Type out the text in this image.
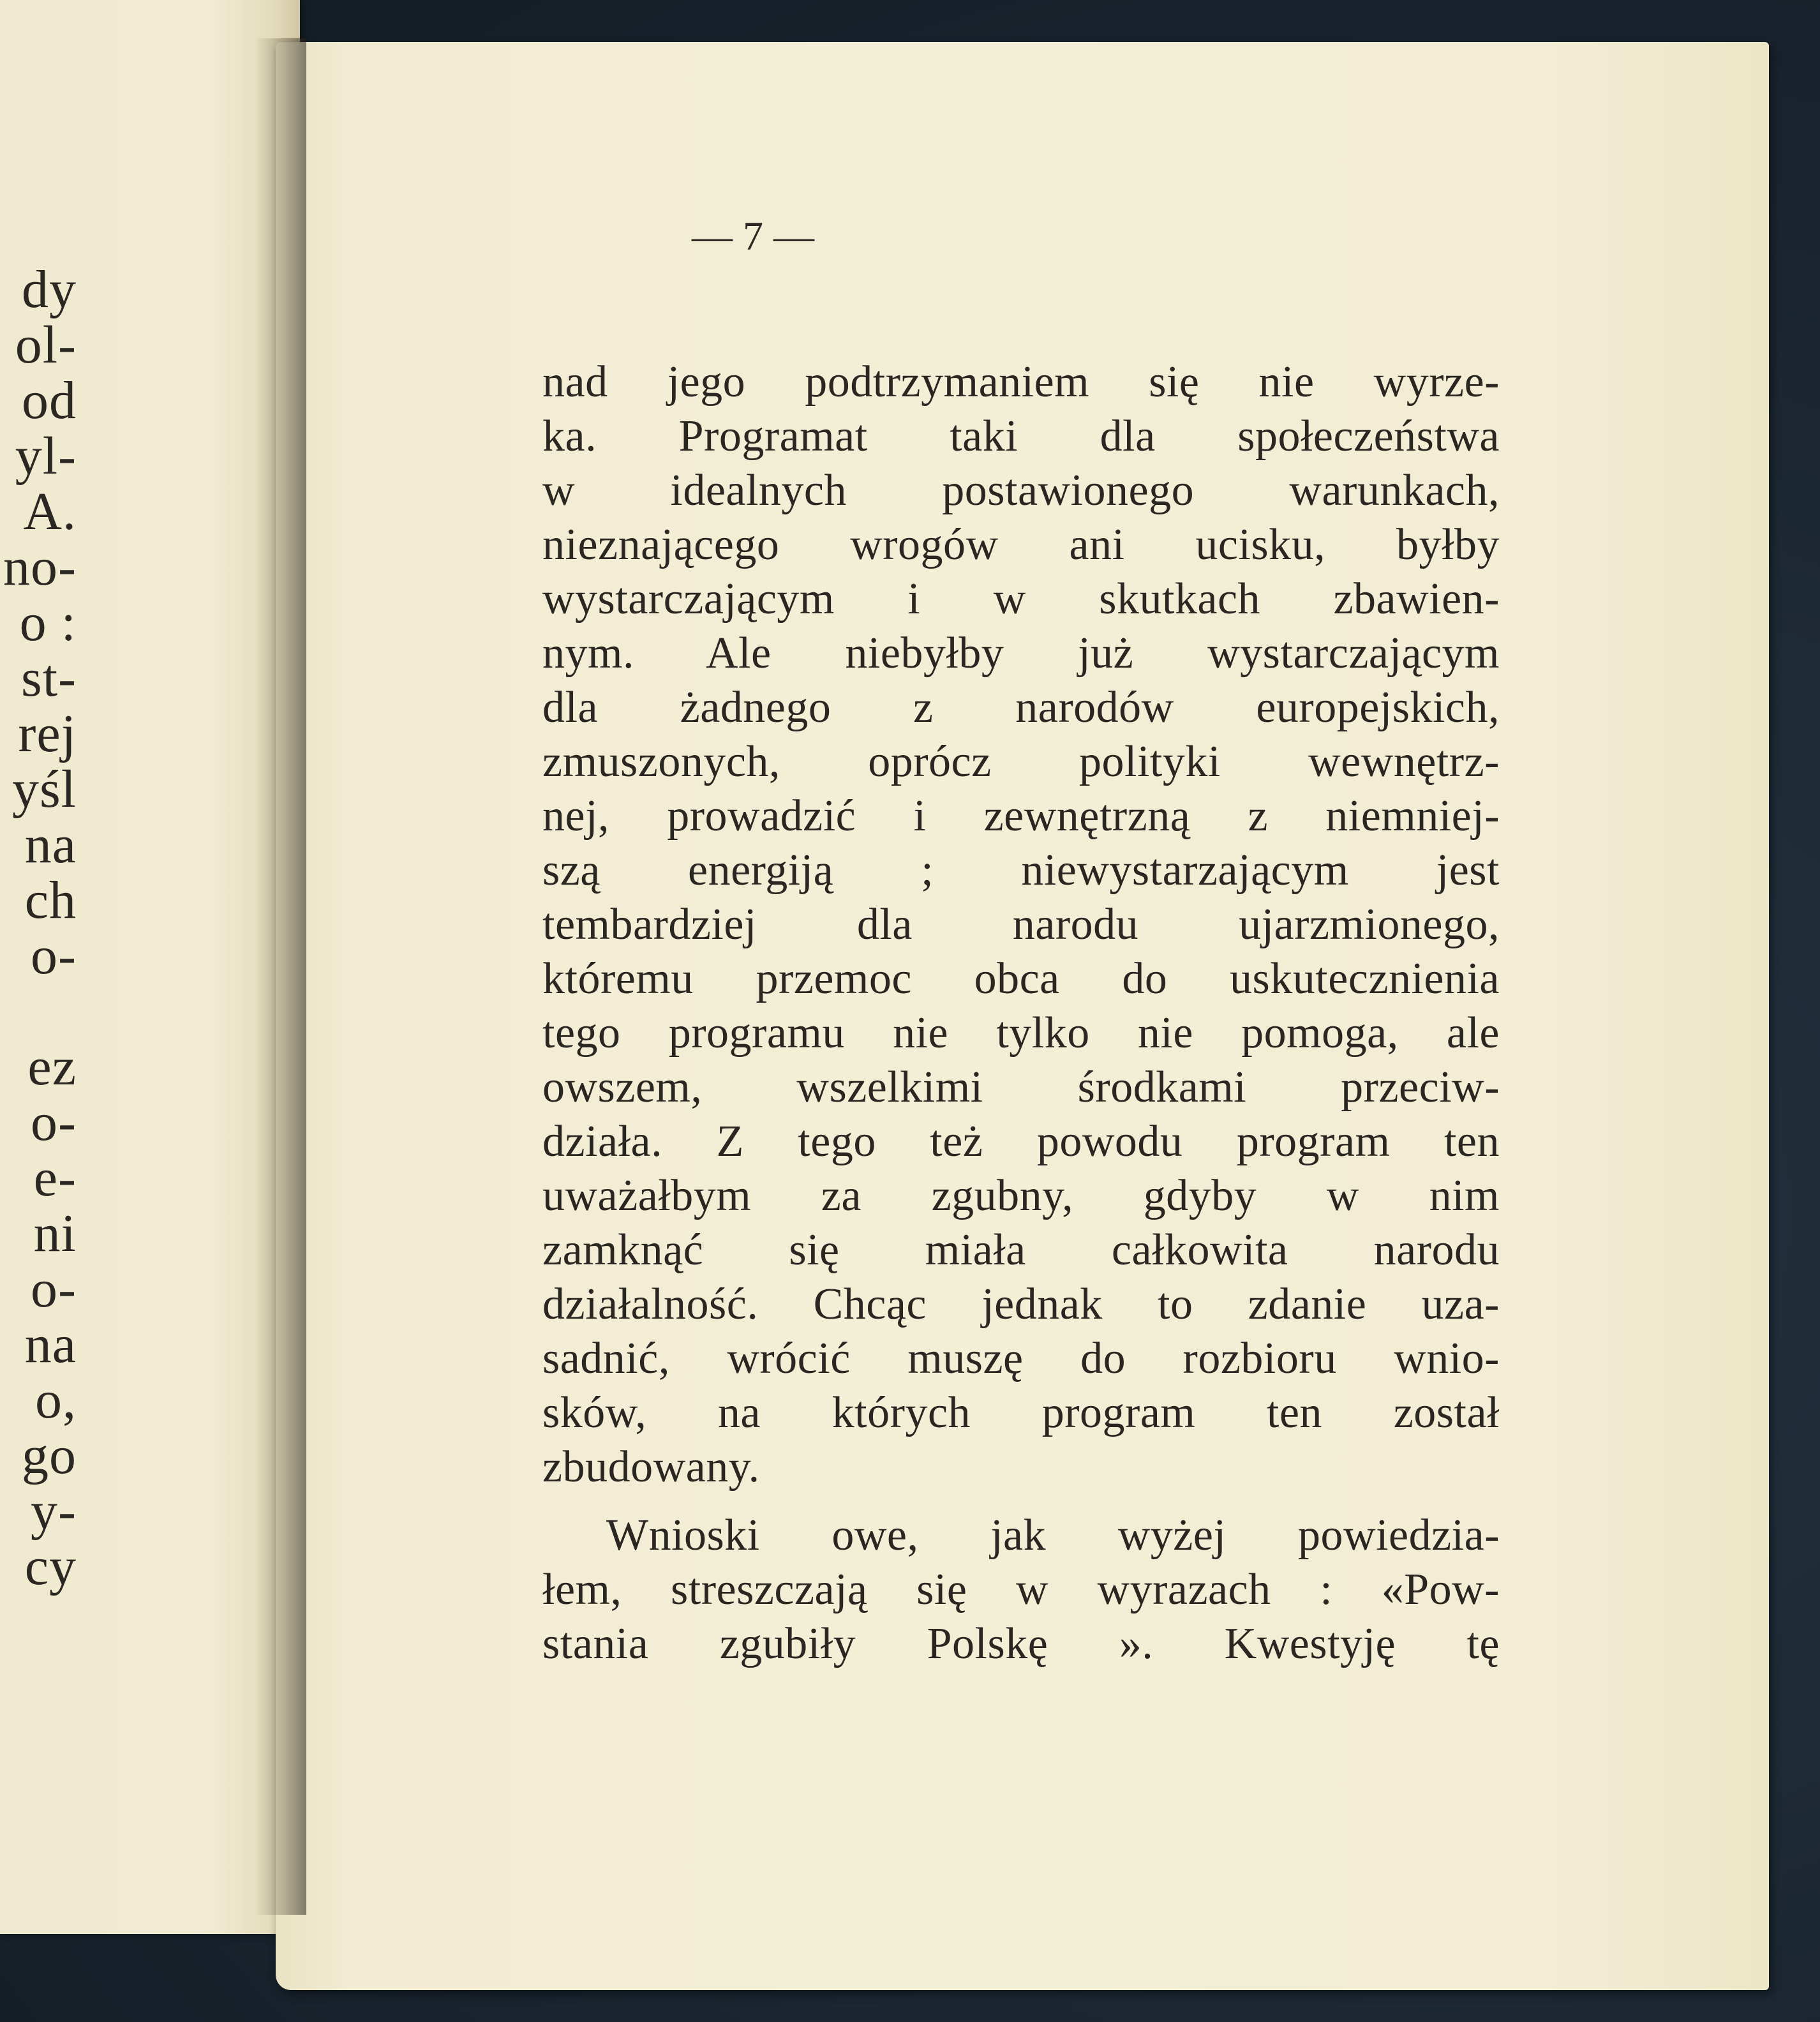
dy
ol-
od
yl-
A.
no-
o :
st-
rej
yśl
na
ch
o-
ez
o-
e-
ni
o-
na
o,
go
y-
cy
— 7 —
nad jego podtrzymaniem się nie wyrze-
ka. Programat taki dla społeczeństwa
w idealnych postawionego warunkach,
nieznającego wrogów ani ucisku, byłby
wystarczającym i w skutkach zbawien-
nym. Ale niebyłby już wystarczającym
dla żadnego z narodów europejskich,
zmuszonych, oprócz polityki wewnętrz-
nej, prowadzić i zewnętrzną z niemniej-
szą energiją ; niewystarzającym jest
tembardziej dla narodu ujarzmionego,
któremu przemoc obca do uskutecznienia
tego programu nie tylko nie pomoga, ale
owszem, wszelkimi środkami przeciw-
działa. Z tego też powodu program ten
uważałbym za zgubny, gdyby w nim
zamknąć się miała całkowita narodu
działalność. Chcąc jednak to zdanie uza-
sadnić, wrócić muszę do rozbioru wnio-
sków, na których program ten został
zbudowany.
Wnioski owe, jak wyżej powiedzia-
łem, streszczają się w wyrazach : «Pow-
stania zgubiły Polskę ». Kwestyję tę
